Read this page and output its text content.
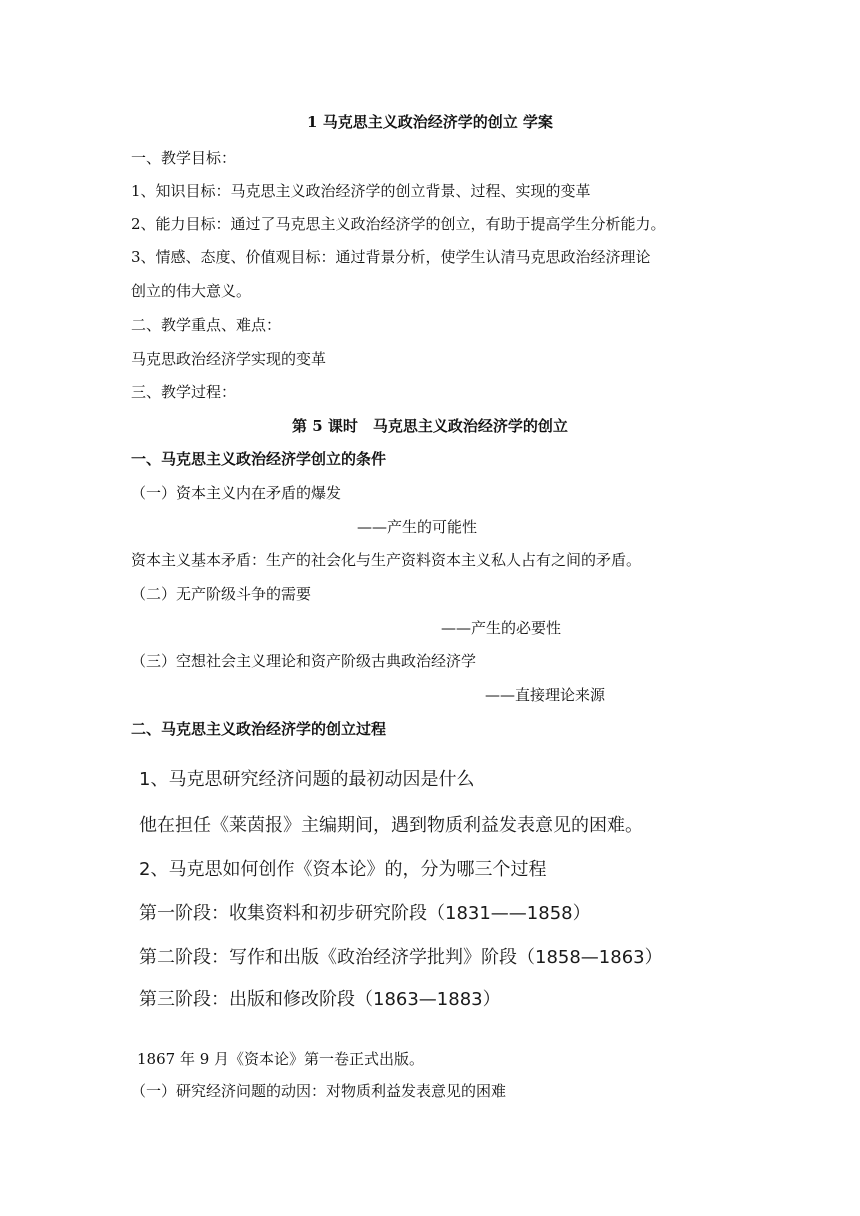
1 马克思主义政治经济学的创立 学案
一、教学目标：
1、知识目标：马克思主义政治经济学的创立背景、过程、实现的变革
2、能力目标：通过了马克思主义政治经济学的创立，有助于提高学生分析能力。
3、情感、态度、价值观目标：通过背景分析，使学生认清马克思政治经济理论
创立的伟大意义。
二、教学重点、难点：
马克思政治经济学实现的变革
三、教学过程：
第 5 课时　马克思主义政治经济学的创立
一、马克思主义政治经济学创立的条件
（一）资本主义内在矛盾的爆发
——产生的可能性
资本主义基本矛盾：生产的社会化与生产资料资本主义私人占有之间的矛盾。
（二）无产阶级斗争的需要
——产生的必要性
（三）空想社会主义理论和资产阶级古典政治经济学
——直接理论来源
二、马克思主义政治经济学的创立过程
1、马克思研究经济问题的最初动因是什么
他在担任《莱茵报》主编期间，遇到物质利益发表意见的困难。
2、马克思如何创作《资本论》的，分为哪三个过程
第一阶段：收集资料和初步研究阶段（1831——1858）
第二阶段：写作和出版《政治经济学批判》阶段（1858—1863）
第三阶段：出版和修改阶段（1863—1883）
1867 年 9 月《资本论》第一卷正式出版。
（一）研究经济问题的动因：对物质利益发表意见的困难
